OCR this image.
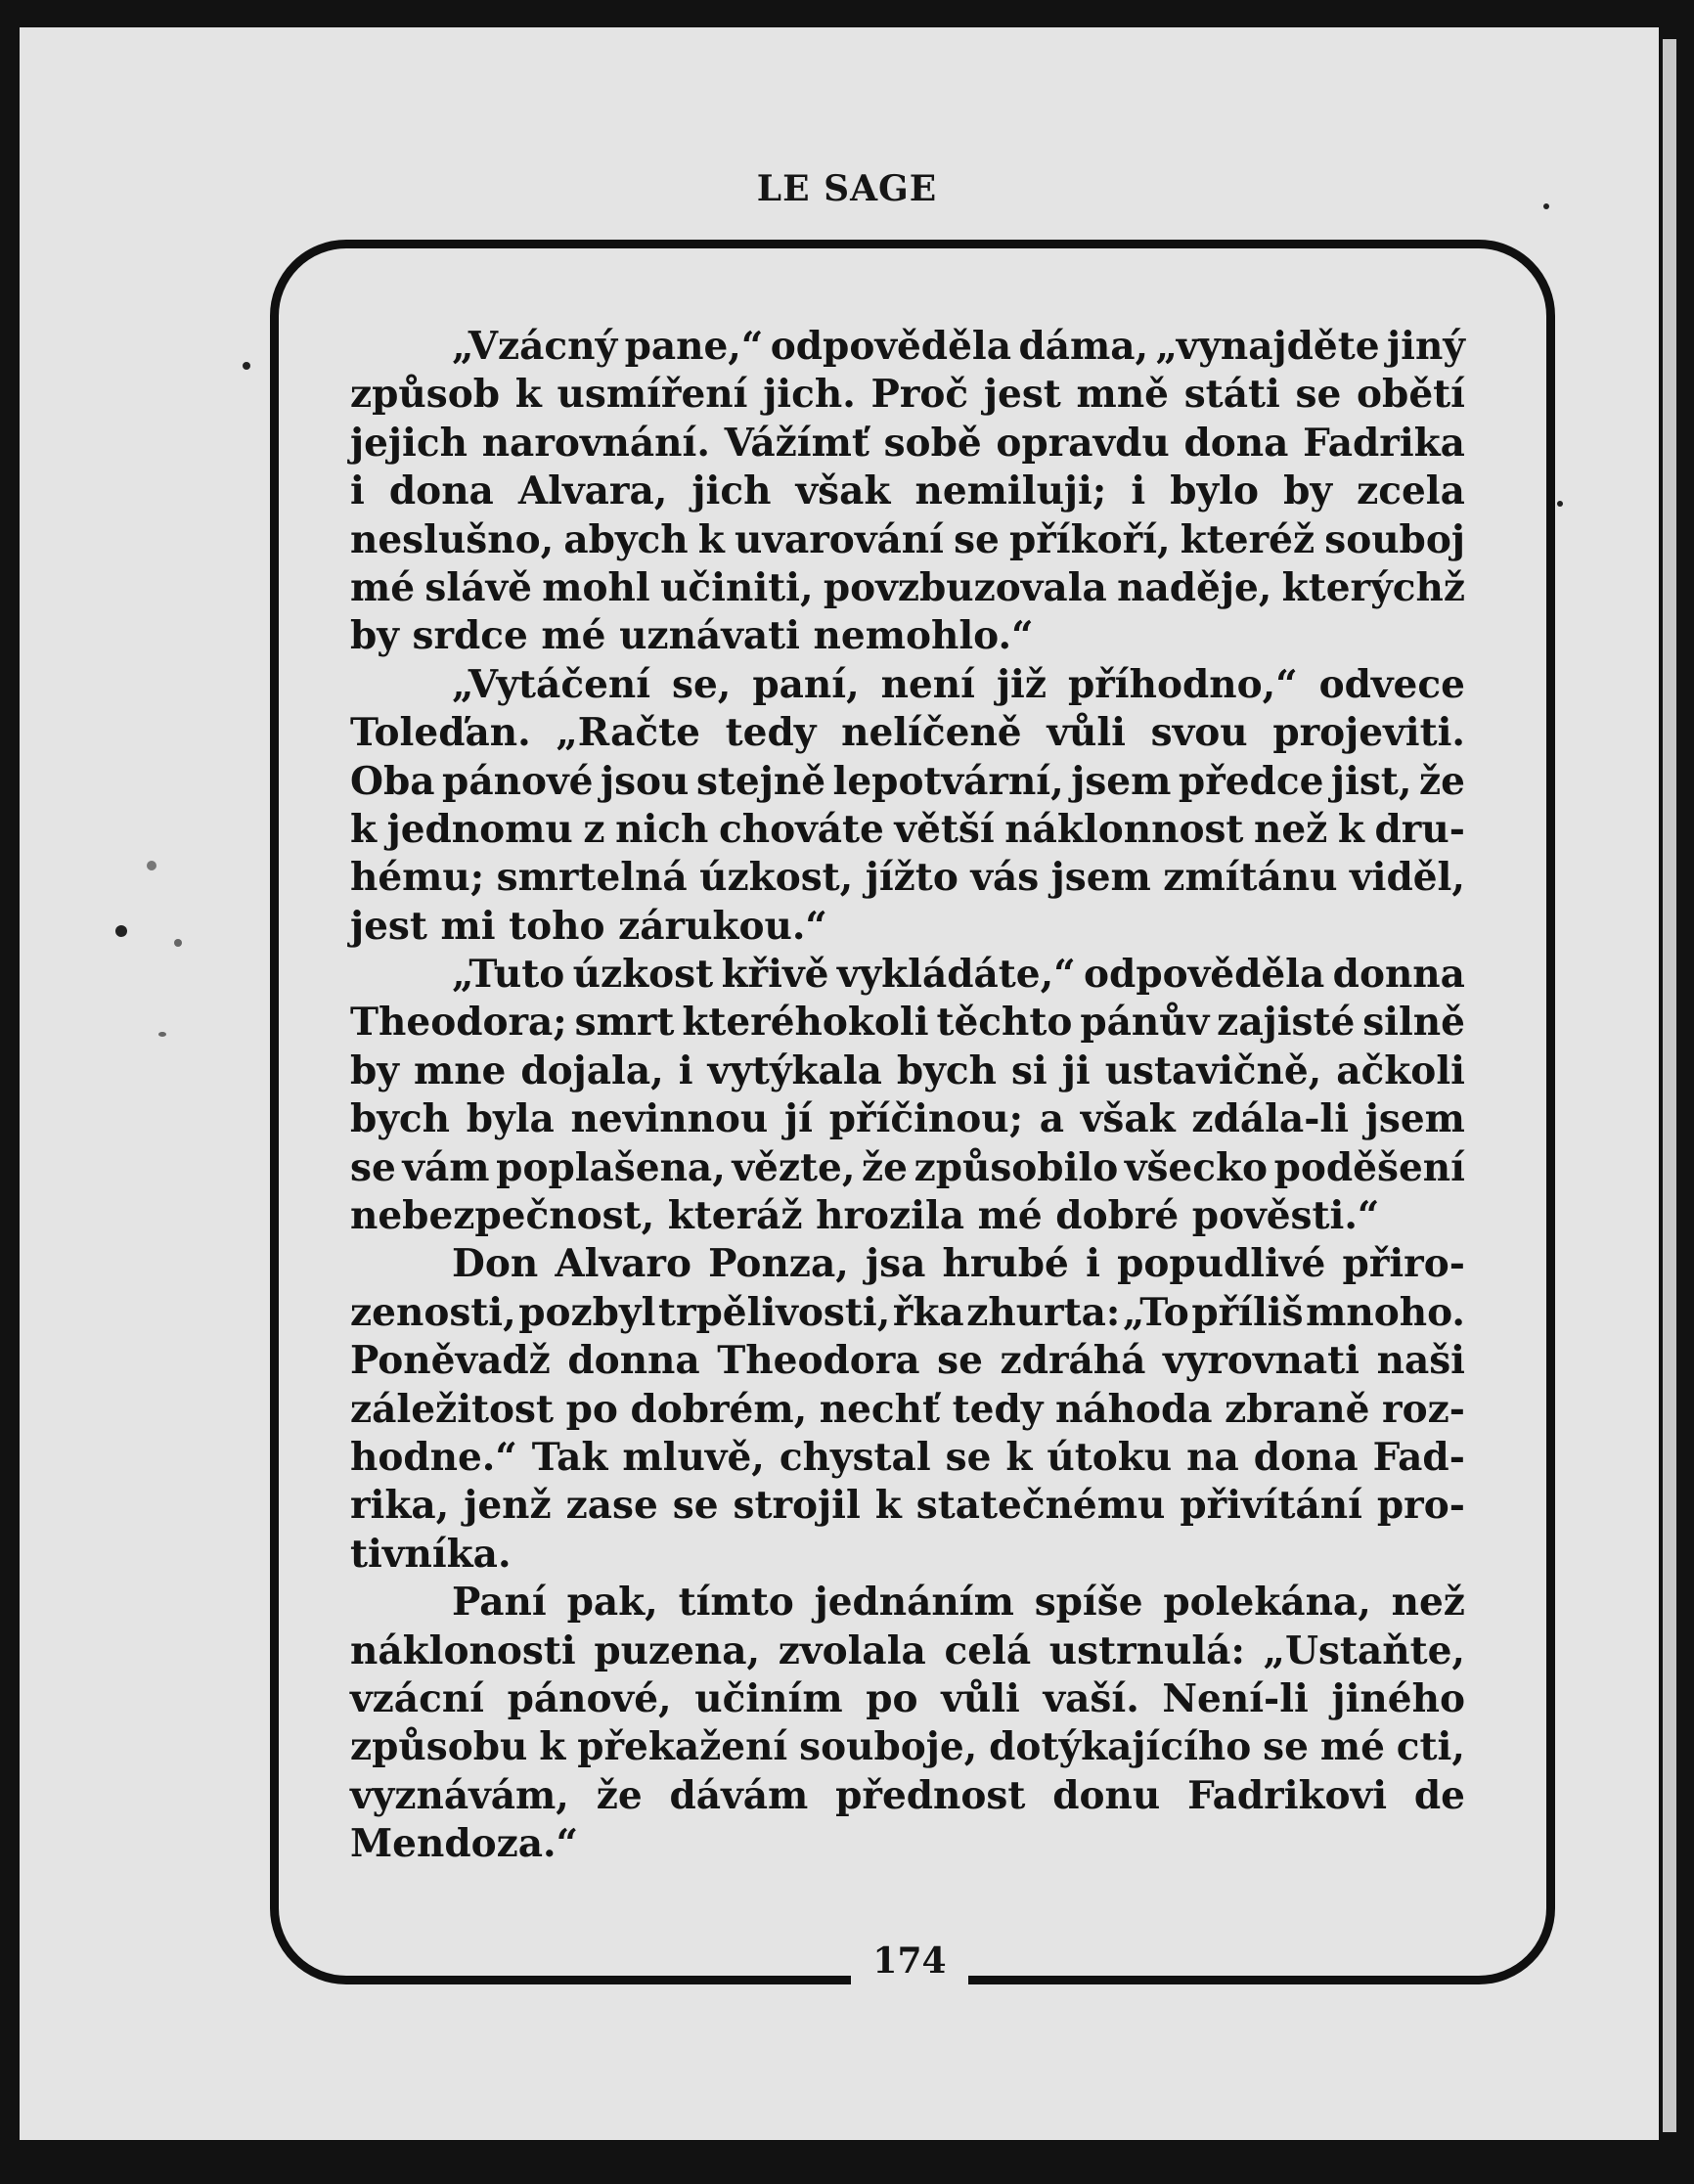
LE SAGE
„Vzácný pane,“ odpověděla dáma, „vynajděte jiný
způsob k usmíření jich. Proč jest mně státi se obětí
jejich narovnání. Vážímť sobě opravdu dona Fadrika
i dona Alvara, jich však nemiluji; i bylo by zcela
neslušno, abych k uvarování se příkoří, kteréž souboj
mé slávě mohl učiniti, povzbuzovala naděje, kterýchž
by srdce mé uznávati nemohlo.“
„Vytáčení se, paní, není již příhodno,“ odvece
Toleďan. „Račte tedy nelíčeně vůli svou projeviti.
Oba pánové jsou stejně lepotvární, jsem předce jist, že
k jednomu z nich chováte větší náklonnost než k dru-
hému; smrtelná úzkost, jížto vás jsem zmítánu viděl,
jest mi toho zárukou.“
„Tuto úzkost křivě vykládáte,“ odpověděla donna
Theodora; smrt kteréhokoli těchto pánův zajisté silně
by mne dojala, i vytýkala bych si ji ustavičně, ačkoli
bych byla nevinnou jí příčinou; a však zdála-li jsem
se vám poplašena, vězte, že způsobilo všecko poděšení
nebezpečnost, kteráž hrozila mé dobré pověsti.“
Don Alvaro Ponza, jsa hrubé i popudlivé přiro-
zenosti, pozbyl trpělivosti, řka zhurta: „To příliš mnoho.
Poněvadž donna Theodora se zdráhá vyrovnati naši
záležitost po dobrém, nechť tedy náhoda zbraně roz-
hodne.“ Tak mluvě, chystal se k útoku na dona Fad-
rika, jenž zase se strojil k statečnému přivítání pro-
tivníka.
Paní pak, tímto jednáním spíše polekána, než
náklonosti puzena, zvolala celá ustrnulá: „Ustaňte,
vzácní pánové, učiním po vůli vaší. Není-li jiného
způsobu k překažení souboje, dotýkajícího se mé cti,
vyznávám, že dávám přednost donu Fadrikovi de
Mendoza.“
174
